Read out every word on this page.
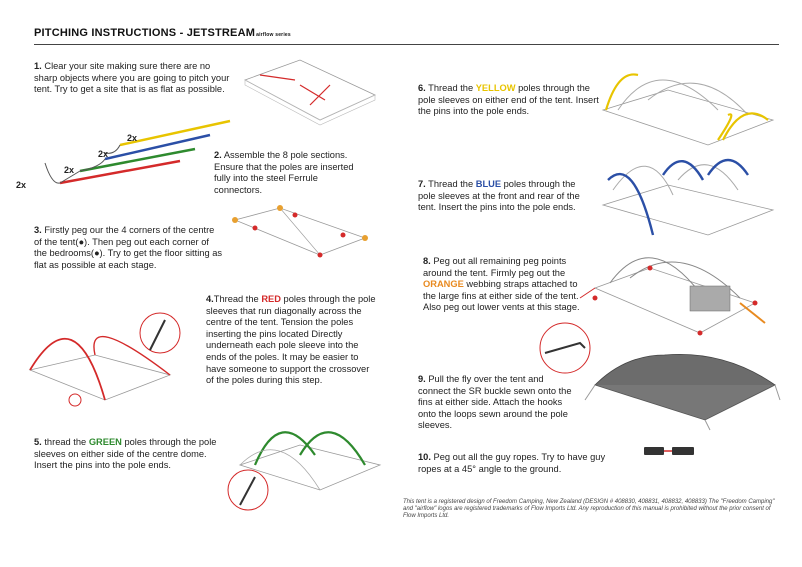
PITCHING INSTRUCTIONS - JETSTREAMairflow series
1. Clear your site making sure there are no sharp objects where you are going to pitch your tent. Try to get a site that is as flat as possible.
2x
2x
2x
2x
2. Assemble the 8 pole sections. Ensure that the poles are inserted fully into the steel Ferrule connectors.
3. Firstly peg our the 4 corners of the centre of the tent(●). Then peg out each corner of the bedrooms(●). Try to get the floor sitting as flat as possible at each stage.
4.Thread the RED poles through the pole sleeves that run diagonally across the centre of the tent. Tension the poles inserting the pins located Directly underneath each pole sleeve into the ends of the poles. It may be easier to have someone to support the crossover of the poles during this step.
5. thread the GREEN poles through the pole sleeves on either side of the centre dome. Insert the pins into the pole ends.
6. Thread the YELLOW poles through the pole sleeves on either end of the tent. Insert the pins into the pole ends.
7. Thread the BLUE poles through the pole sleeves at the front and rear of the tent. Insert the pins into the pole ends.
8. Peg out all remaining peg points around the tent. Firmly peg out the ORANGE webbing straps attached to the large fins at either side of the tent. Also peg out lower vents at this stage.
9. Pull the fly over the tent and connect the SR buckle sewn onto the fins at either side. Attach the hooks onto the loops sewn around the pole sleeves.
10. Peg out all the guy ropes. Try to have guy ropes at a 45° angle to the ground.
This tent is a registered design of Freedom Camping, New Zealand (DESIGN # 408830, 408831, 408832, 408833) The "Freedom Camping" and "airflow" logos are registered trademarks of Flow Imports Ltd. Any reproduction of this manual is prohibited without the prior consent of Flow Imports Ltd.
